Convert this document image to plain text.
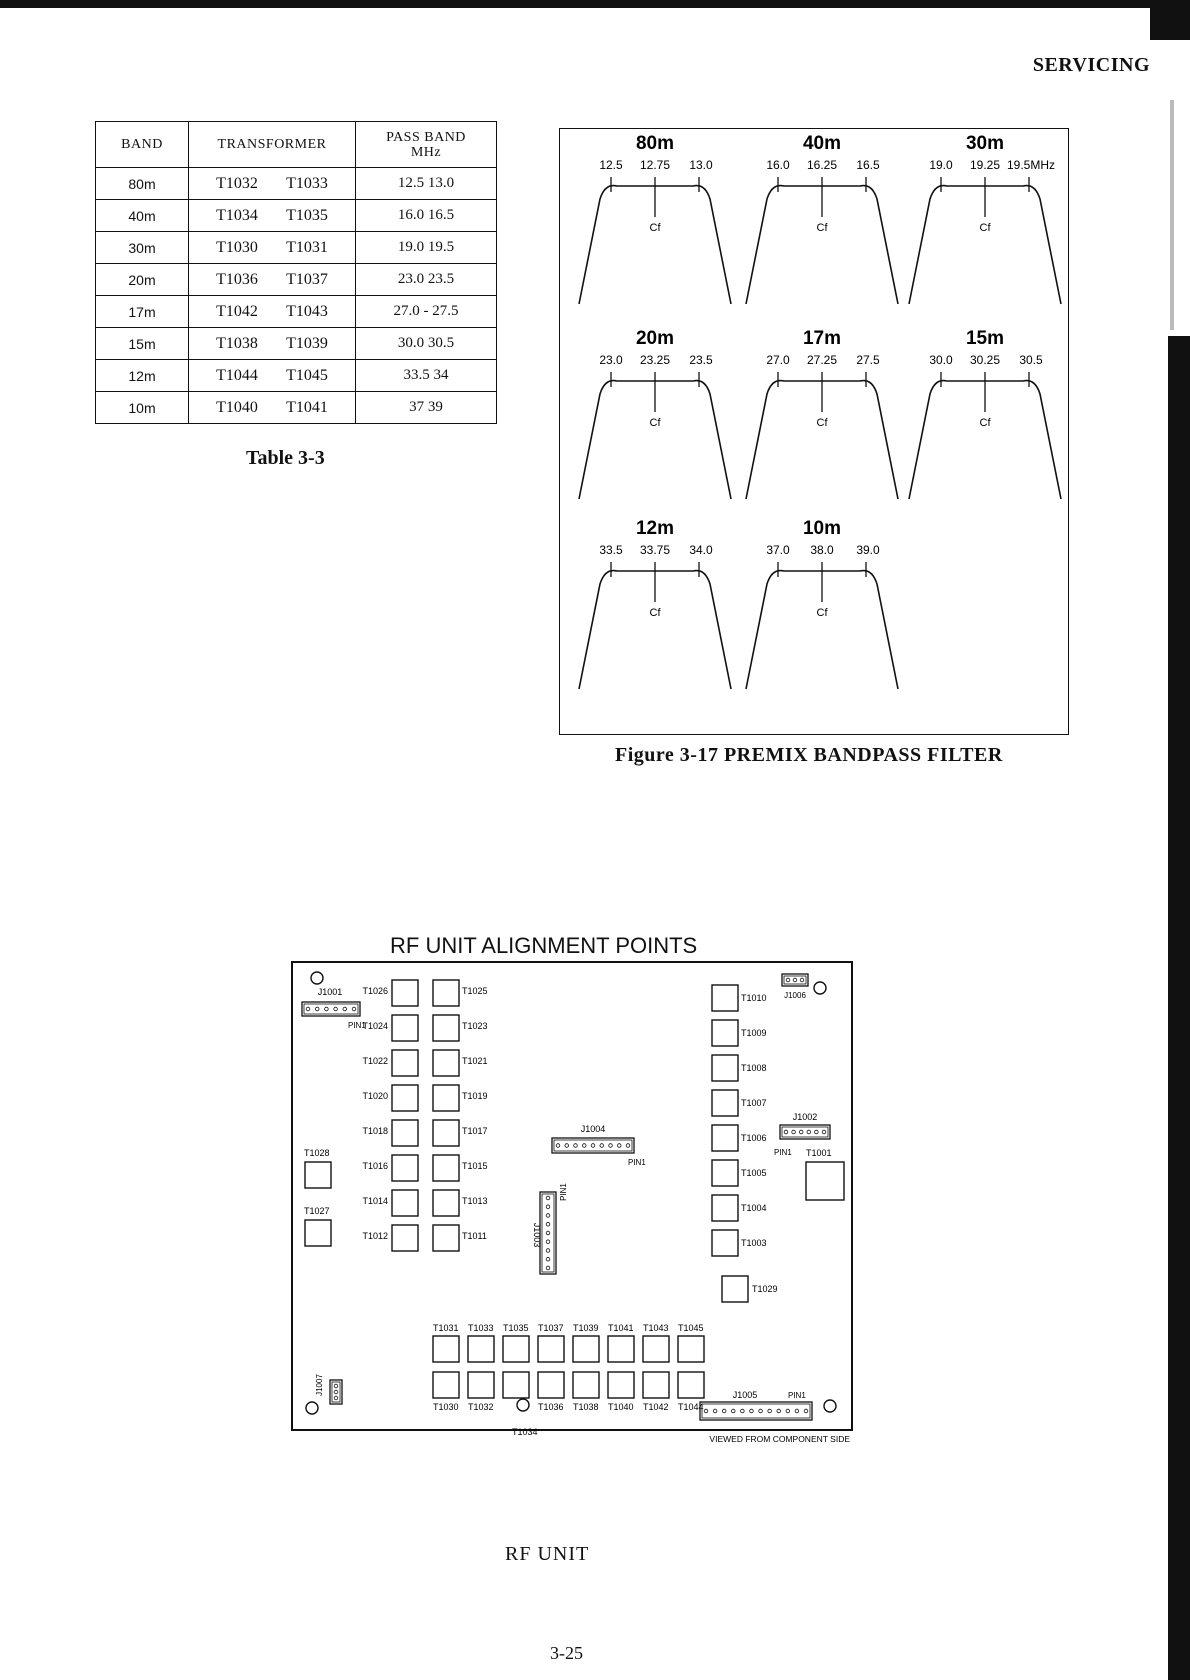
SERVICING
BAND	TRANSFORMER	PASS BAND
MHz
80m	T1032 T1033	12.5 13.0
40m	T1034 T1035	16.0 16.5
30m	T1030 T1031	19.0 19.5
20m	T1036 T1037	23.0 23.5
17m	T1042 T1043	27.0 - 27.5
15m	T1038 T1039	30.0 30.5
12m	T1044 T1045	33.5 34
10m	T1040 T1041	37 39
Table 3-3
80m
12.5 12.75 13.0
Cf
40m
16.0 16.25 16.5
Cf
30m
19.0 19.25 19.5MHz
Cf
20m
23.0 23.25 23.5
Cf
17m
27.0 27.25 27.5
Cf
15m
30.0 30.25 30.5
Cf
12m
33.5 33.75 34.0
Cf
10m
37.0 38.0 39.0
Cf
Figure 3-17 PREMIX BANDPASS FILTER
RF UNIT ALIGNMENT POINTS
T1026	T1025
T1024	T1023
T1022	T1021
T1020	T1019
T1018	T1017
T1016	T1015
T1014	T1013
T1012	T1011
T1010
T1009
T1008
T1007
T1006
T1005
T1004
T1003
T1029
T1028
T1027
T1001
T1031 T1033 T1035 T1037 T1039 T1041 T1043 T1045
T1030 T1032	T1036 T1038 T1040 T1042 T1044
T1034
J1001
PIN1
J1006
J1002
PIN1
J1004
PIN1
J1003
PIN1
J1005	PIN1
J1007
VIEWED FROM COMPONENT SIDE
RF UNIT
3-25
